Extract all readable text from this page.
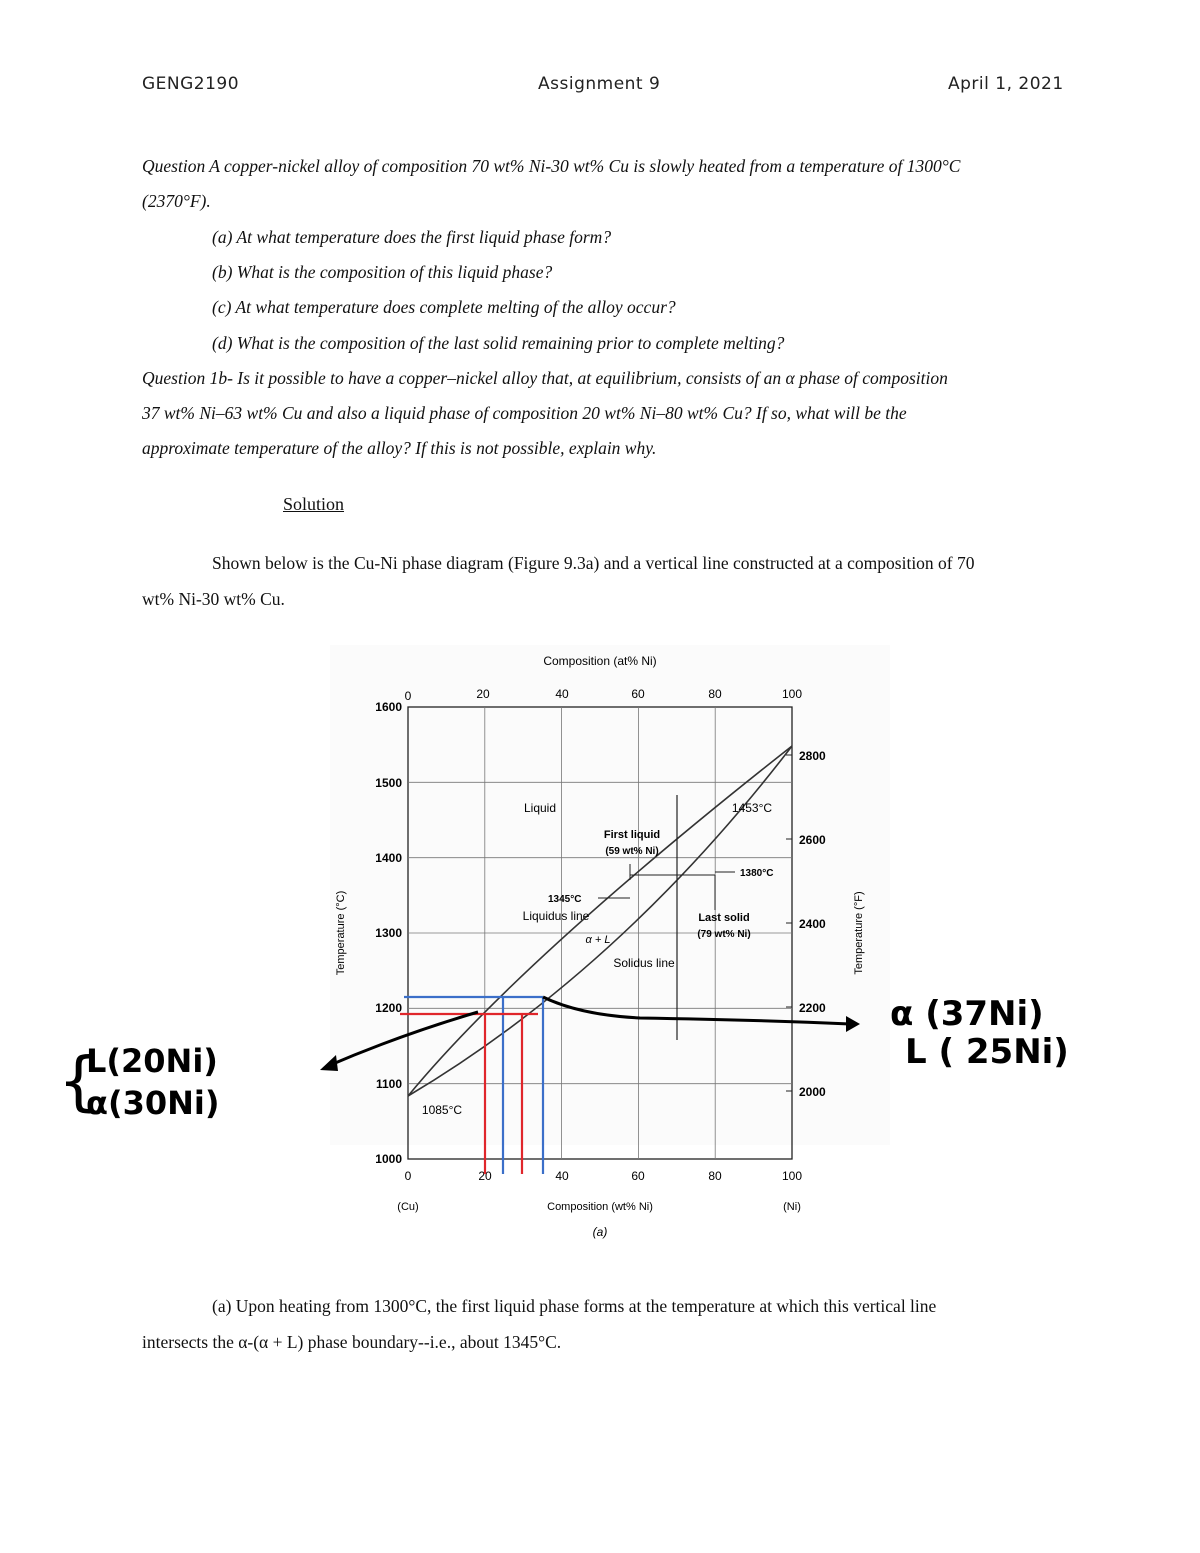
GENG2190	Assignment 9	April 1, 2021
Question A copper-nickel alloy of composition 70 wt% Ni-30 wt% Cu is slowly heated from a temperature of 1300°C
(2370°F).
(a) At what temperature does the first liquid phase form?
(b) What is the composition of this liquid phase?
(c) At what temperature does complete melting of the alloy occur?
(d) What is the composition of the last solid remaining prior to complete melting?
Question 1b- Is it possible to have a copper–nickel alloy that, at equilibrium, consists of an α phase of composition
37 wt% Ni–63 wt% Cu and also a liquid phase of composition 20 wt% Ni–80 wt% Cu? If so, what will be the
approximate temperature of the alloy? If this is not possible, explain why.
Solution
Shown below is the Cu-Ni phase diagram (Figure 9.3a) and a vertical line constructed at a composition of 70
wt% Ni-30 wt% Cu.
Composition (at% Ni)
0	20	40	60	80	100
1600
1500
1400
1300
1200
1100
1000
Temperature (°C)
2800
2600
2400
2200
2000
Temperature (°F)
0	20	40	60	80	100
(Cu)	Composition (wt% Ni)	(Ni)
(a)
Liquid	1453°C
First liquid
(59 wt% Ni)
1380°C
1345°C
Liquidus line
α + L
Last solid
(79 wt% Ni)
Solidus line
1085°C
{
L(20Ni)
α(30Ni)
α (37Ni)
L ( 25Ni)
(a) Upon heating from 1300°C, the first liquid phase forms at the temperature at which this vertical line
intersects the α-(α + L) phase boundary--i.e., about 1345°C.
